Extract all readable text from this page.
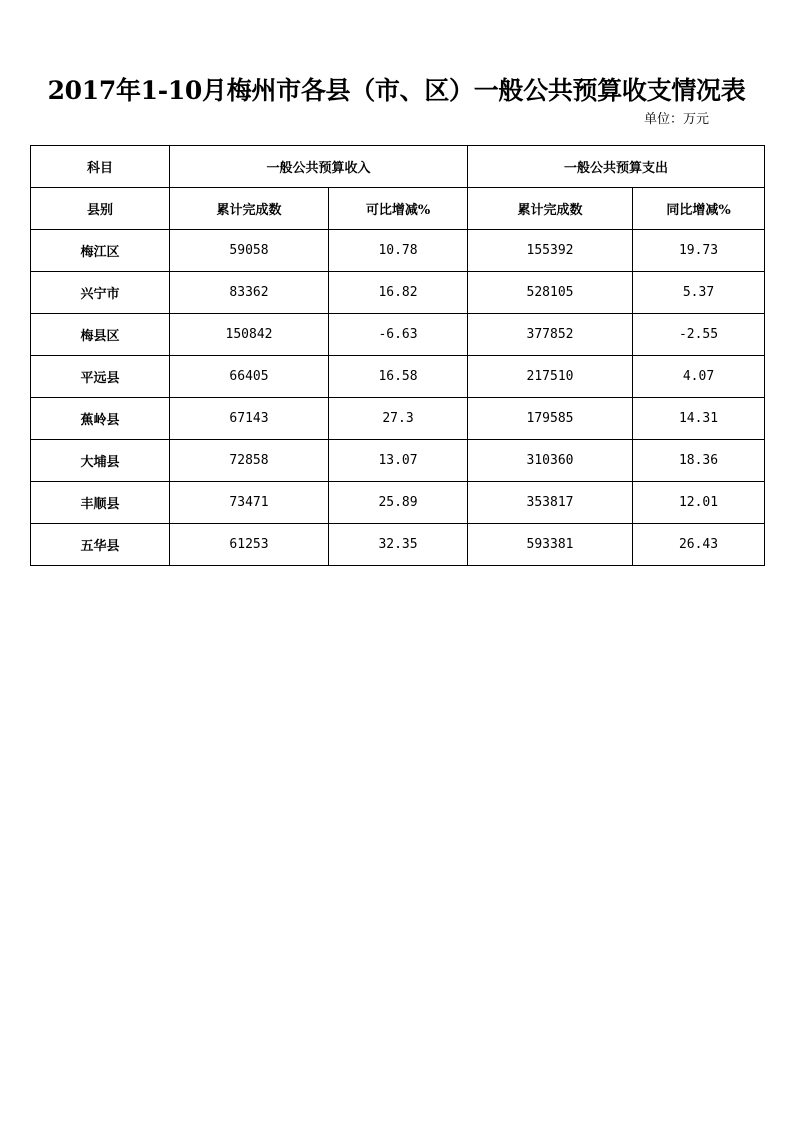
2017年1-10月梅州市各县（市、区）一般公共预算收支情况表
单位：万元
科目	一般公共预算收入		一般公共预算支出	
县别	累计完成数	可比增减%	累计完成数	同比增减%
梅江区	59058	10.78	155392	19.73
兴宁市	83362	16.82	528105	5.37
梅县区	150842	-6.63	377852	-2.55
平远县	66405	16.58	217510	4.07
蕉岭县	67143	27.3	179585	14.31
大埔县	72858	13.07	310360	18.36
丰顺县	73471	25.89	353817	12.01
五华县	61253	32.35	593381	26.43
